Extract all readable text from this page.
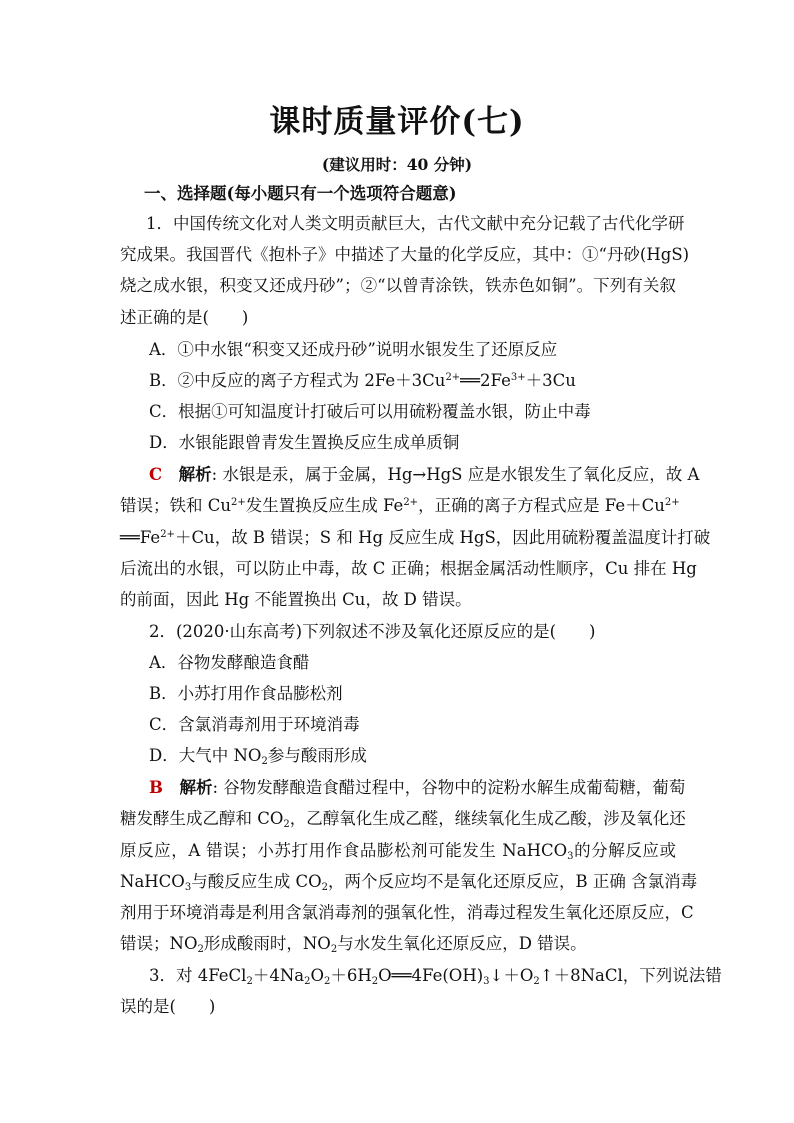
课时质量评价(七)
(建议用时：40 分钟)
一、选择题(每小题只有一个选项符合题意)
1．中国传统文化对人类文明贡献巨大，古代文献中充分记载了古代化学研
究成果。我国晋代《抱朴子》中描述了大量的化学反应，其中：①“丹砂(HgS)
烧之成水银，积变又还成丹砂”；②“以曾青涂铁，铁赤色如铜”。下列有关叙
述正确的是(　　)
A．①中水银“积变又还成丹砂”说明水银发生了还原反应
B．②中反应的离子方程式为 $2Fe+3Cu^{2+}══2Fe^{3+}+3Cu$
C．根据①可知温度计打破后可以用硫粉覆盖水银，防止中毒
D．水银能跟曾青发生置换反应生成单质铜
C　 解析: 水银是汞，属于金属，Hg→HgS 应是水银发生了氧化反应，故 A
错误；铁和 $Cu^{2+}$发生置换反应生成 $Fe^{2+}$，正确的离子方程式应是 $Fe+Cu^{2+}$
$══Fe^{2+}+Cu$，故 B 错误；S 和 Hg 反应生成 HgS，因此用硫粉覆盖温度计打破
后流出的水银，可以防止中毒，故 C 正确；根据金属活动性顺序，Cu 排在 Hg
的前面，因此 Hg 不能置换出 Cu，故 D 错误。
2．(2020·山东高考)下列叙述不涉及氧化还原反应的是(　　)
A．谷物发酵酿造食醋
B．小苏打用作食品膨松剂
C．含氯消毒剂用于环境消毒
D．大气中 $NO_2$参与酸雨形成
B　 解析: 谷物发酵酿造食醋过程中，谷物中的淀粉水解生成葡萄糖，葡萄
糖发酵生成乙醇和 $CO_2$，乙醇氧化生成乙醛，继续氧化生成乙酸，涉及氧化还
原反应，A 错误；小苏打用作食品膨松剂可能发生 NaHCO$_3$的分解反应或
NaHCO$_3$与酸反应生成 $CO_2$，两个反应均不是氧化还原反应，B 正确 含氯消毒
剂用于环境消毒是利用含氯消毒剂的强氧化性，消毒过程发生氧化还原反应，C
错误；$NO_2$形成酸雨时，$NO_2$与水发生氧化还原反应，D 错误。
3．对 $4FeCl_2+4Na_2O_2+6H_2O══4Fe(OH)_3↓+O_2↑+8NaCl$，下列说法错
误的是(　　)
